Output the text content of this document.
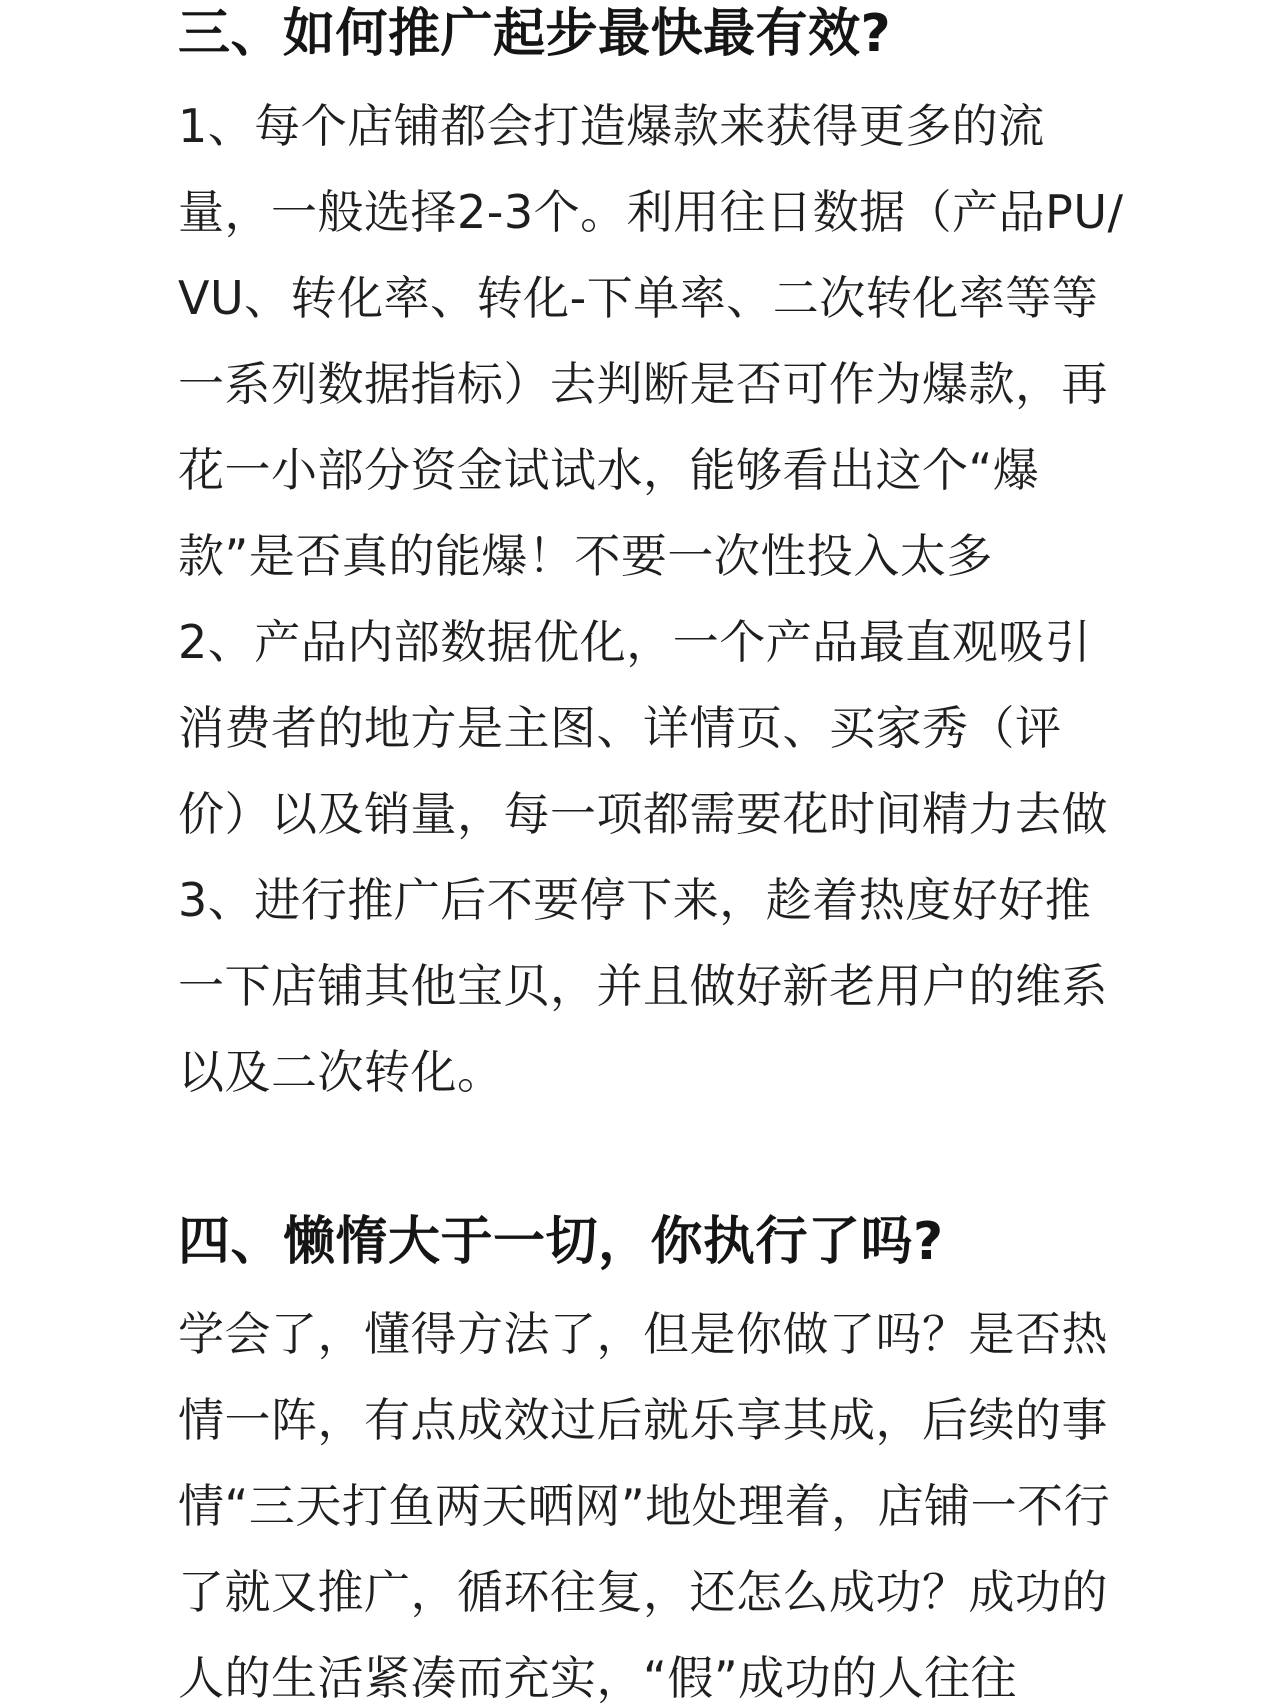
三、如何推广起步最快最有效?

1、每个店铺都会打造爆款来获得更多的流

量，一般选择2-3个。利用往日数据（产品PU/

VU、转化率、转化-下单率、二次转化率等等

一系列数据指标）去判断是否可作为爆款，再

花一小部分资金试试水，能够看出这个“爆

款”是否真的能爆！不要一次性投入太多

2、产品内部数据优化，一个产品最直观吸引

消费者的地方是主图、详情页、买家秀（评

价）以及销量，每一项都需要花时间精力去做

3、进行推广后不要停下来，趁着热度好好推

一下店铺其他宝贝，并且做好新老用户的维系

以及二次转化。

四、懒惰大于一切，你执行了吗?

学会了，懂得方法了，但是你做了吗？是否热

情一阵，有点成效过后就乐享其成，后续的事

情“三天打鱼两天晒网”地处理着，店铺一不行

了就又推广，循环往复，还怎么成功？成功的

人的生活紧凑而充实，“假”成功的人往往
